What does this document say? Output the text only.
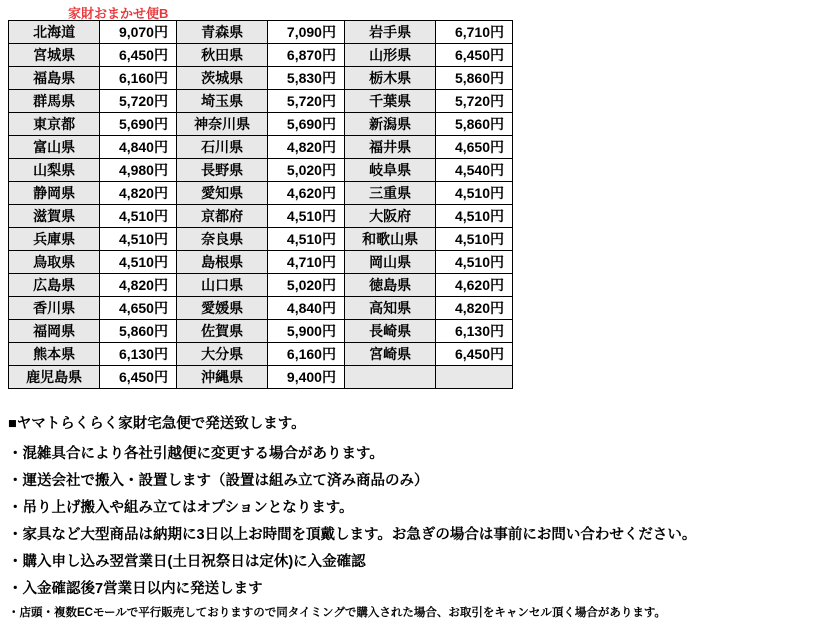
家財おまかせ便B
北海道	9,070円	青森県	7,090円	岩手県	6,710円
宮城県	6,450円	秋田県	6,870円	山形県	6,450円
福島県	6,160円	茨城県	5,830円	栃木県	5,860円
群馬県	5,720円	埼玉県	5,720円	千葉県	5,720円
東京都	5,690円	神奈川県	5,690円	新潟県	5,860円
富山県	4,840円	石川県	4,820円	福井県	4,650円
山梨県	4,980円	長野県	5,020円	岐阜県	4,540円
静岡県	4,820円	愛知県	4,620円	三重県	4,510円
滋賀県	4,510円	京都府	4,510円	大阪府	4,510円
兵庫県	4,510円	奈良県	4,510円	和歌山県	4,510円
鳥取県	4,510円	島根県	4,710円	岡山県	4,510円
広島県	4,820円	山口県	5,020円	徳島県	4,620円
香川県	4,650円	愛媛県	4,840円	高知県	4,820円
福岡県	5,860円	佐賀県	5,900円	長崎県	6,130円
熊本県	6,130円	大分県	6,160円	宮崎県	6,450円
鹿児島県	6,450円	沖縄県	9,400円		

■ヤマトらくらく家財宅急便で発送致します。

・混雑具合により各社引越便に変更する場合があります。

・運送会社で搬入・設置します（設置は組み立て済み商品のみ）

・吊り上げ搬入や組み立てはオプションとなります。

・家具など大型商品は納期に3日以上お時間を頂戴します。お急ぎの場合は事前にお問い合わせください。

・購入申し込み翌営業日(土日祝祭日は定休)に入金確認

・入金確認後7営業日以内に発送します

・店頭・複数ECモールで平行販売しておりますので同タイミングで購入された場合、お取引をキャンセル頂く場合があります。
